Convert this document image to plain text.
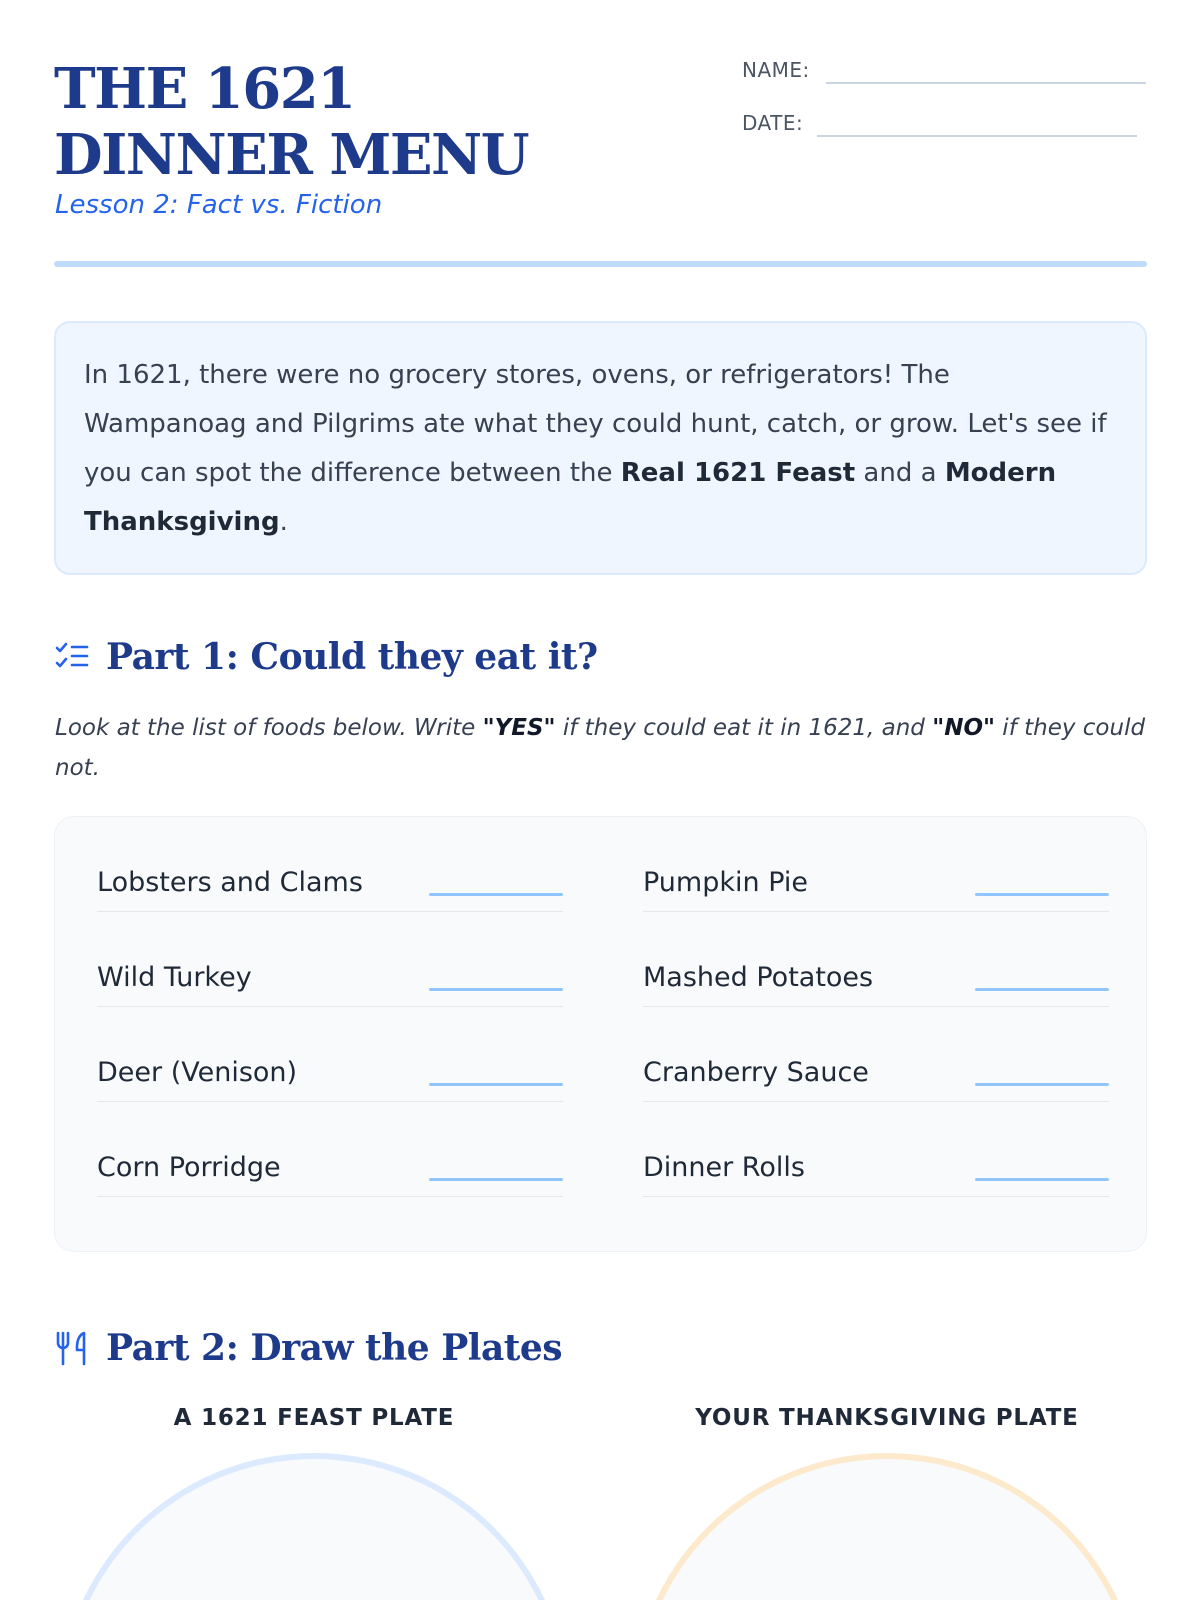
THE 1621 DINNER MENU
Lesson 2: Fact vs. Fiction
NAME:
DATE:
In 1621, there were no grocery stores, ovens, or refrigerators! The Wampanoag and Pilgrims ate what they could hunt, catch, or grow. Let's see if you can spot the difference between the Real 1621 Feast and a Modern Thanksgiving.
Part 1: Could they eat it?

Look at the list of foods below. Write "YES" if they could eat it in 1621, and "NO" if they could not.

Lobsters and Clams
Wild Turkey
Deer (Venison)
Corn Porridge
Pumpkin Pie
Mashed Potatoes
Cranberry Sauce
Dinner Rolls
Part 2: Draw the Plates
A 1621 FEAST PLATE	YOUR THANKSGIVING PLATE
